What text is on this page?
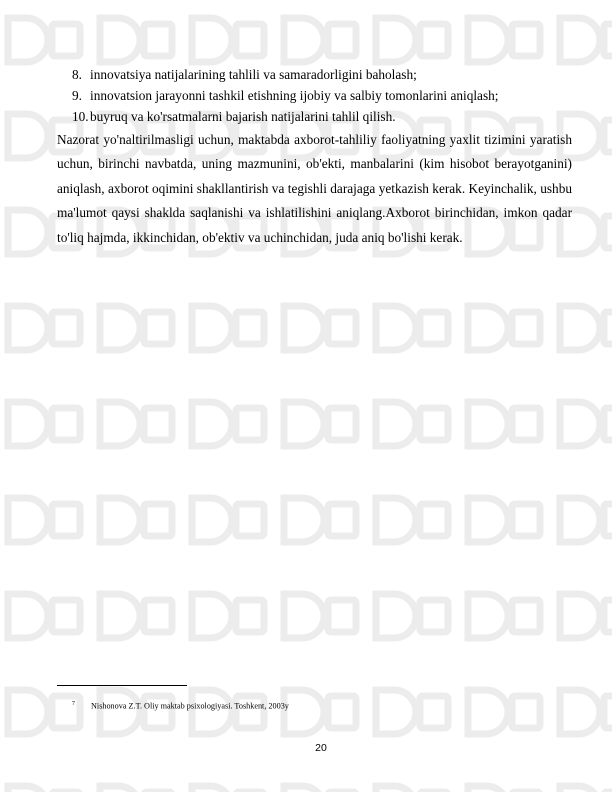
8. innovatsiya natijalarining tahlili va samaradorligini baholash;
9. innovatsion jarayonni tashkil etishning ijobiy va salbiy tomonlarini aniqlash;
10.buyruq va ko'rsatmalarni bajarish natijalarini tahlil qilish.

Nazorat yo'naltirilmasligi uchun, maktabda axborot-tahliliy faoliyatning yaxlit tizimini yaratish uchun, birinchi navbatda, uning mazmunini, ob'ekti, manbalarini (kim hisobot berayotganini) aniqlash, axborot oqimini shakllantirish va tegishli darajaga yetkazish kerak. Keyinchalik, ushbu ma'lumot qaysi shaklda saqlanishi va ishlatilishini aniqlang.Axborot birinchidan, imkon qadar to'liq hajmda, ikkinchidan, ob'ektiv va uchinchidan, juda aniq bo'lishi kerak.

7 Nishonova Z.T. Oliy maktab psixologiyasi. Toshkent, 2003y
20
